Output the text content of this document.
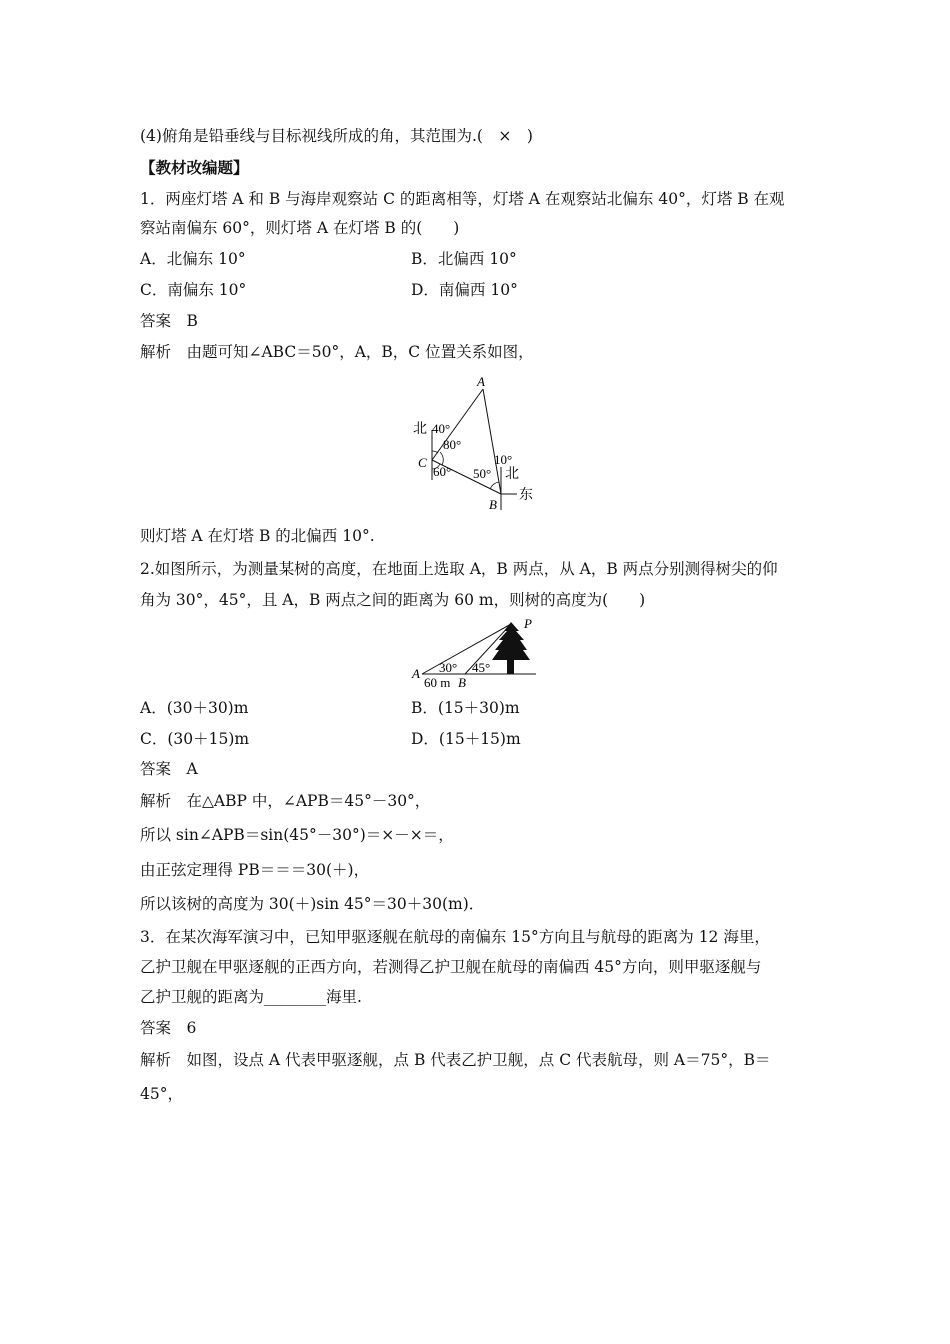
(4)俯角是铅垂线与目标视线所成的角，其范围为.(　×　)
【教材改编题】
1．两座灯塔 A 和 B 与海岸观察站 C 的距离相等，灯塔 A 在观察站北偏东 40°，灯塔 B 在观
察站南偏东 60°，则灯塔 A 在灯塔 B 的(　　)
A．北偏东 10°	B．北偏西 10°
C．南偏东 10°	D．南偏西 10°
答案　B
解析　由题可知∠ABC＝50°，A，B，C 位置关系如图，
A
北 40°
80°
C
60°
10°
50° 北
东
B
则灯塔 A 在灯塔 B 的北偏西 10°.
2.如图所示，为测量某树的高度，在地面上选取 A，B 两点，从 A，B 两点分别测得树尖的仰
角为 30°，45°，且 A，B 两点之间的距离为 60 m，则树的高度为(　　)
P
30° 45°
A
60 m B
A．(30＋30)m	B．(15＋30)m
C．(30＋15)m	D．(15＋15)m
答案　A
解析　在△ABP 中，∠APB＝45°－30°，
所以 sin∠APB＝sin(45°－30°)＝×－×＝，
由正弦定理得 PB＝＝＝30(＋)，
所以该树的高度为 30(＋)sin 45°＝30＋30(m)．
3．在某次海军演习中，已知甲驱逐舰在航母的南偏东 15°方向且与航母的距离为 12 海里，
乙护卫舰在甲驱逐舰的正西方向，若测得乙护卫舰在航母的南偏西 45°方向，则甲驱逐舰与
乙护卫舰的距离为________海里.
答案　6
解析　如图，设点 A 代表甲驱逐舰，点 B 代表乙护卫舰，点 C 代表航母，则 A＝75°，B＝
45°，
